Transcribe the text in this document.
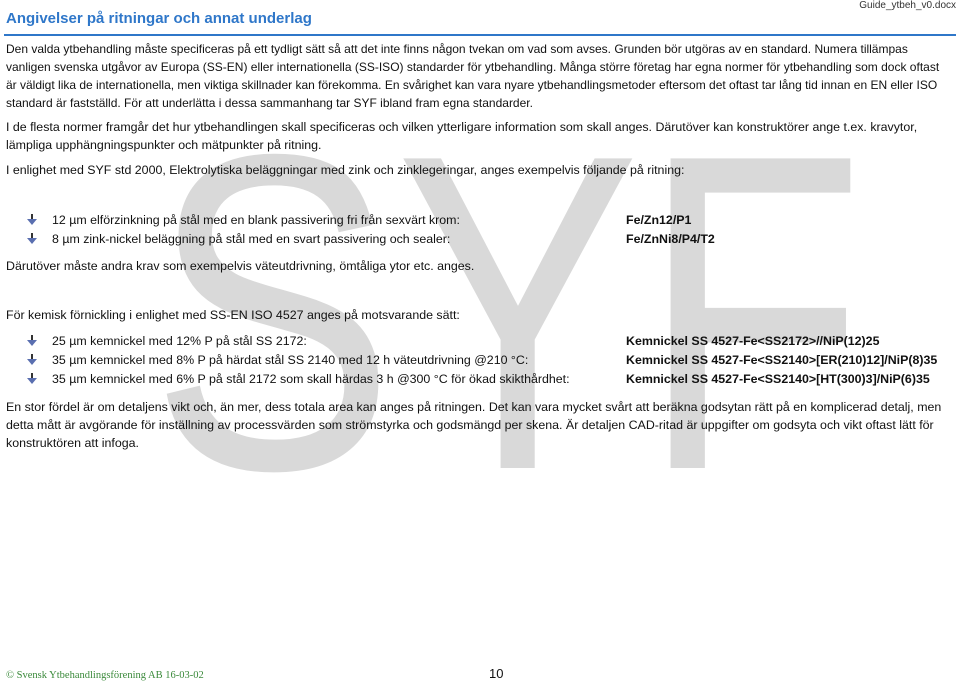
SYF
Angivelser på ritningar och annat underlag
Guide_ytbeh_v0.docx

Den valda ytbehandling måste specificeras på ett tydligt sätt så att det inte finns någon tvekan om vad som avses. Grunden bör utgöras av en standard. Numera tillämpas vanligen svenska utgåvor av Europa (SS-EN) eller internationella (SS-ISO) standarder för ytbehandling. Många större företag har egna normer för ytbehandling som dock oftast är väldigt lika de internationella, men viktiga skillnader kan förekomma. En svårighet kan vara nyare ytbehandlingsmetoder eftersom det oftast tar lång tid innan en EN eller ISO standard är fastställd. För att underlätta i dessa sammanhang tar SYF ibland fram egna standarder.

I de flesta normer framgår det hur ytbehandlingen skall specificeras och vilken ytterligare information som skall anges. Därutöver kan konstruktörer ange t.ex. kravytor, lämpliga upphängningspunkter och mätpunkter på ritning.

I enlighet med SYF std 2000, Elektrolytiska beläggningar med zink och zinklegeringar, anges exempelvis följande på ritning:

12 µm elförzinkning på stål med en blank passivering fri från sexvärt krom:	Fe/Zn12/P1
8 µm zink-nickel beläggning på stål med en svart passivering och sealer:	Fe/ZnNi8/P4/T2

Därutöver måste andra krav som exempelvis väteutdrivning, ömtåliga ytor etc. anges.

För kemisk förnickling i enlighet med SS-EN ISO 4527 anges på motsvarande sätt:

25 µm kemnickel med 12% P på stål SS 2172:	Kemnickel SS 4527-Fe<SS2172>//NiP(12)25
35 µm kemnickel med 8% P på härdat stål SS 2140 med 12 h väteutdrivning @210 °C:	Kemnickel SS 4527-Fe<SS2140>[ER(210)12]/NiP(8)35
35 µm kemnickel med 6% P på stål 2172 som skall härdas 3 h @300 °C för ökad skikthårdhet:	Kemnickel SS 4527-Fe<SS2140>[HT(300)3]/NiP(6)35

En stor fördel är om detaljens vikt och, än mer, dess totala area kan anges på ritningen. Det kan vara mycket svårt att beräkna godsytan rätt på en komplicerad detalj, men detta mått är avgörande för inställning av processvärden som strömstyrka och godsmängd per skena. Är detaljen CAD-ritad är uppgifter om godsyta och vikt oftast lätt för konstruktören att infoga.

© Svensk Ytbehandlingsförening AB 16-03-02	10
